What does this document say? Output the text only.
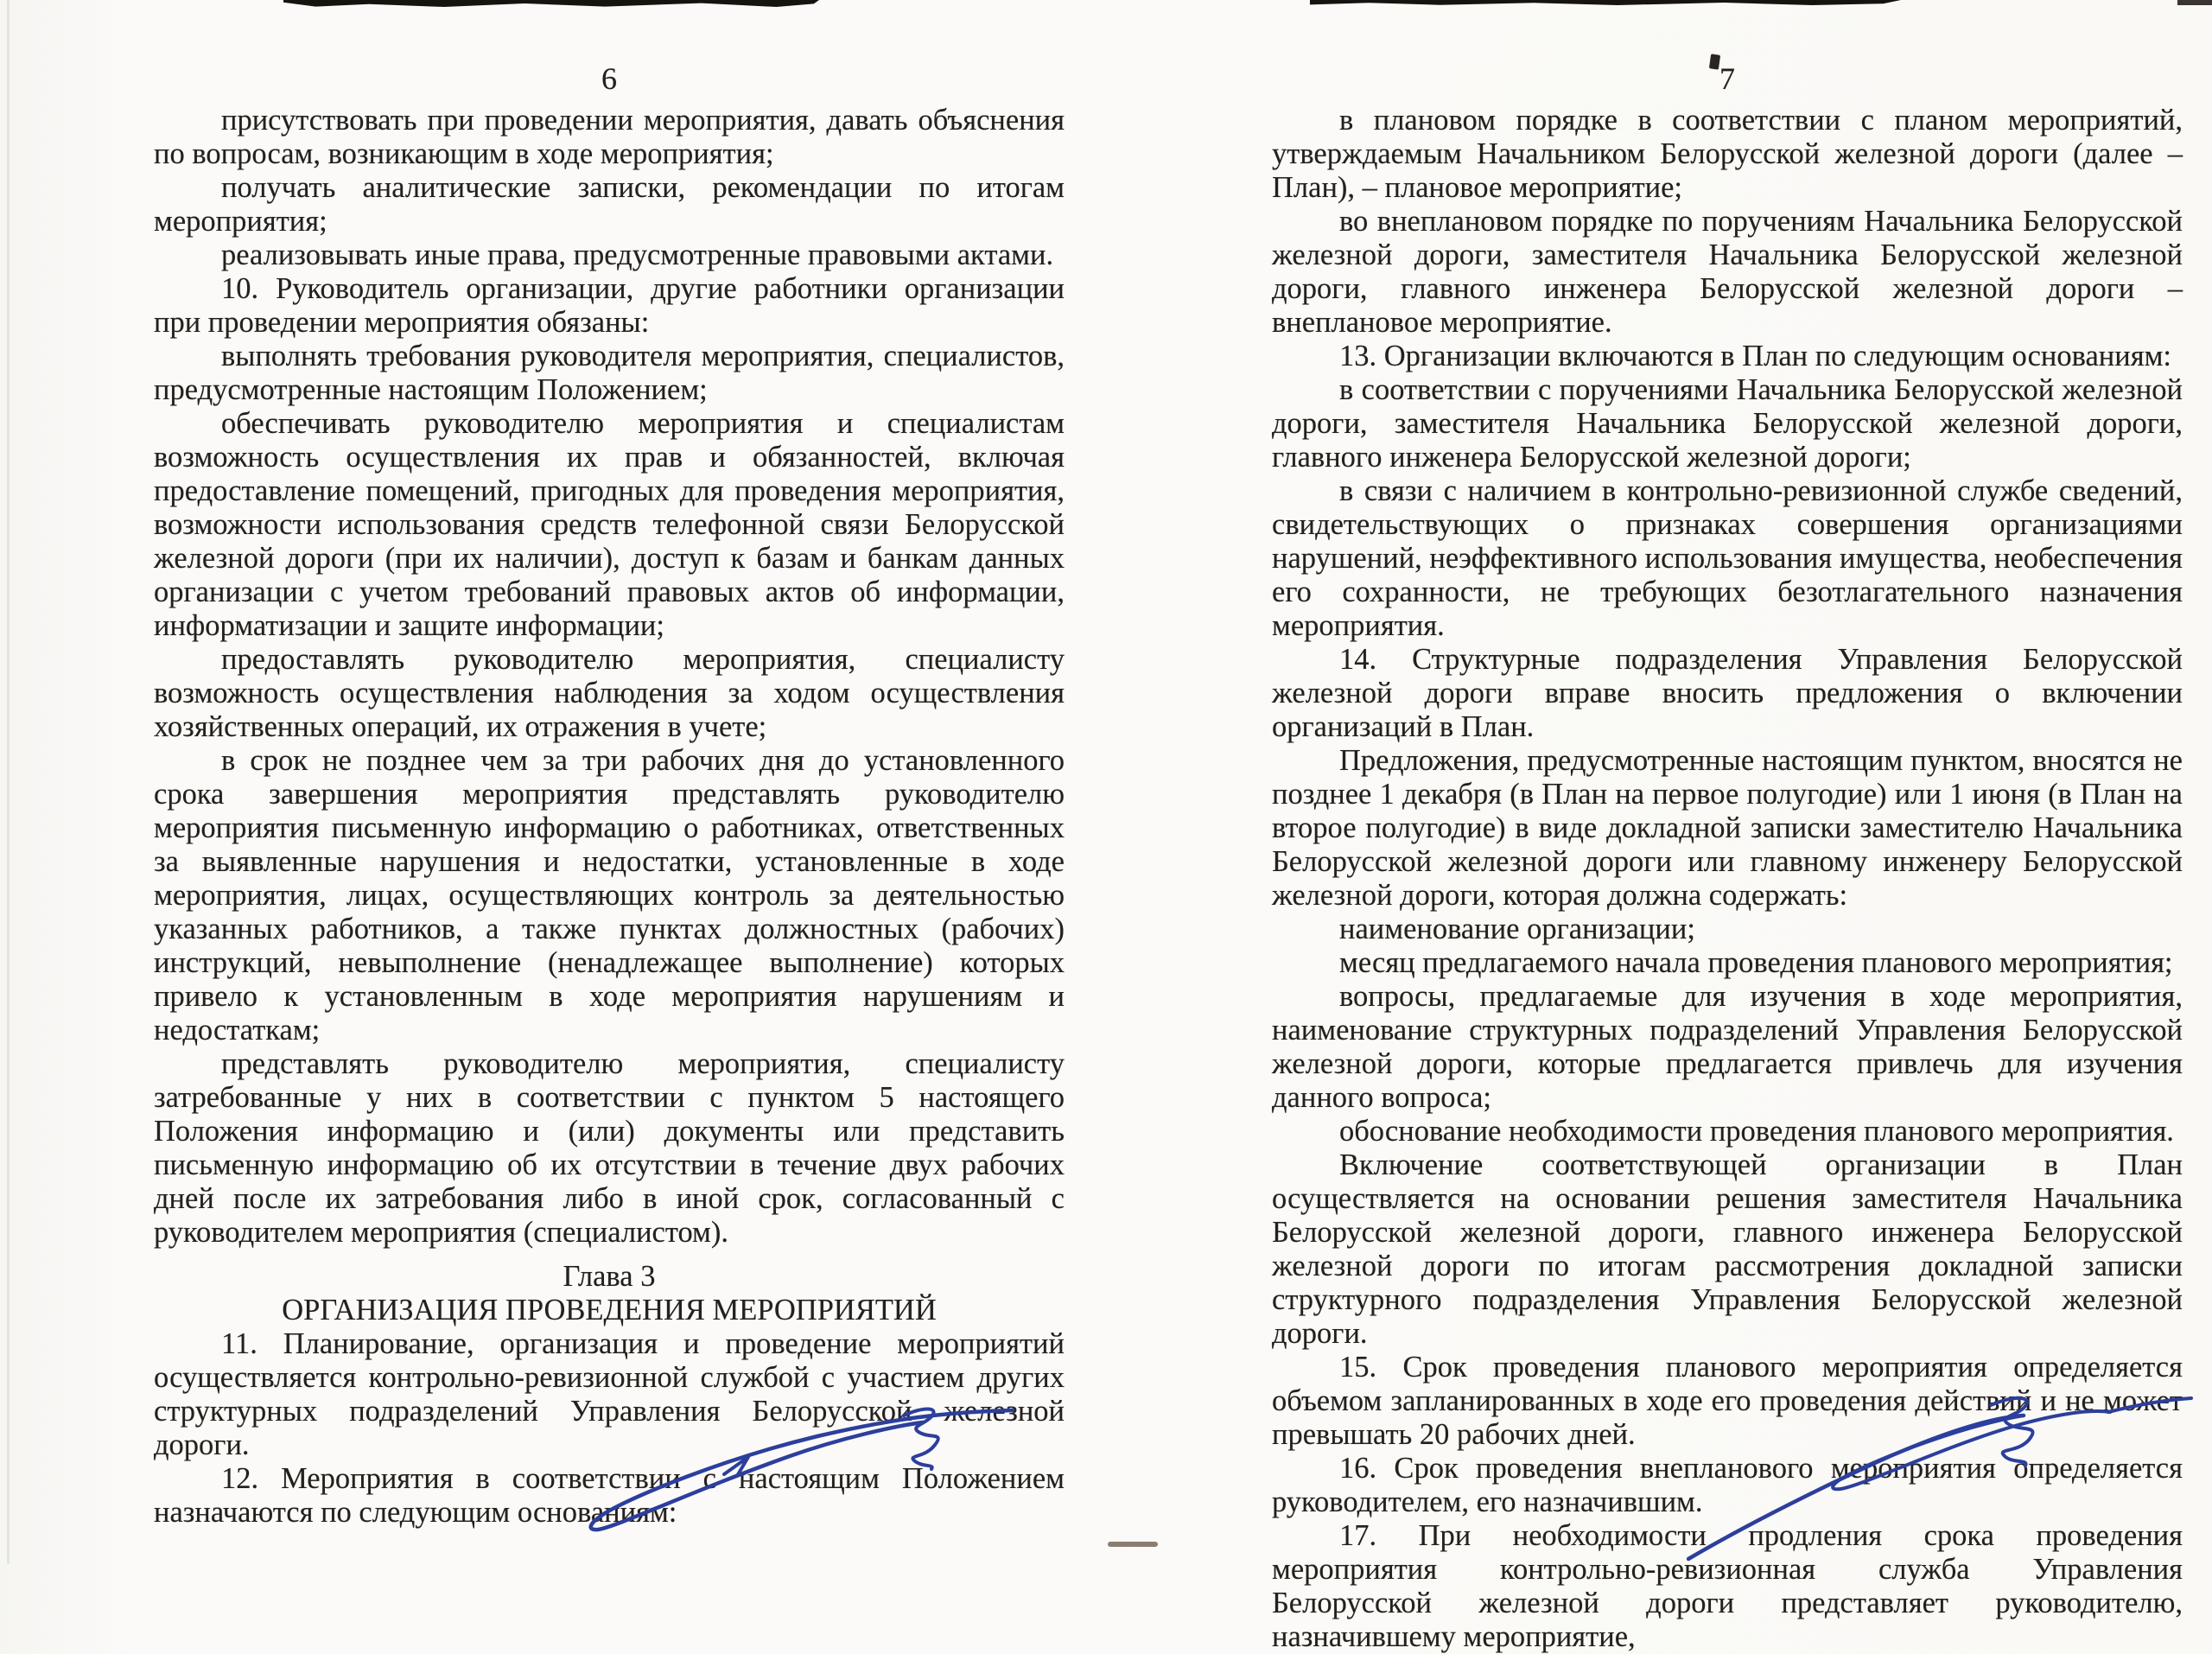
6

присутствовать при проведении мероприятия, давать объяснения по вопросам, возникающим в ходе мероприятия;

получать аналитические записки, рекомендации по итогам мероприятия;

реализовывать иные права, предусмотренные правовыми актами.

10. Руководитель организации, другие работники организации при проведении мероприятия обязаны:

выполнять требования руководителя мероприятия, специалистов, предусмотренные настоящим Положением;

обеспечивать руководителю мероприятия и специалистам возможность осуществления их прав и обязанностей, включая предоставление помещений, пригодных для проведения мероприятия, возможности использования средств телефонной связи Белорусской железной дороги (при их наличии), доступ к базам и банкам данных организации с учетом требований правовых актов об информации, информатизации и защите информации;

предоставлять руководителю мероприятия, специалисту возможность осуществления наблюдения за ходом осуществления хозяйственных операций, их отражения в учете;

в срок не позднее чем за три рабочих дня до установленного срока завершения мероприятия представлять руководителю мероприятия письменную информацию о работниках, ответственных за выявленные нарушения и недостатки, установленные в ходе мероприятия, лицах, осуществляющих контроль за деятельностью указанных работников, а также пунктах должностных (рабочих) инструкций, невыполнение (ненадлежащее выполнение) которых привело к установленным в ходе мероприятия нарушениям и недостаткам;

представлять руководителю мероприятия, специалисту затребованные у них в соответствии с пунктом 5 настоящего Положения информацию и (или) документы или представить письменную информацию об их отсутствии в течение двух рабочих дней после их затребования либо в иной срок, согласованный с руководителем мероприятия (специалистом).

Глава 3
ОРГАНИЗАЦИЯ ПРОВЕДЕНИЯ МЕРОПРИЯТИЙ

11. Планирование, организация и проведение мероприятий осуществляется контрольно-ревизионной службой с участием других структурных подразделений Управления Белорусской железной дороги.

12. Мероприятия в соответствии с настоящим Положением назначаются по следующим основаниям:

7

в плановом порядке в соответствии с планом мероприятий, утверждаемым Начальником Белорусской железной дороги (далее – План), – плановое мероприятие;

во внеплановом порядке по поручениям Начальника Белорусской железной дороги, заместителя Начальника Белорусской железной дороги, главного инженера Белорусской железной дороги – внеплановое мероприятие.

13. Организации включаются в План по следующим основаниям:

в соответствии с поручениями Начальника Белорусской железной дороги, заместителя Начальника Белорусской железной дороги, главного инженера Белорусской железной дороги;

в связи с наличием в контрольно-ревизионной службе сведений, свидетельствующих о признаках совершения организациями нарушений, неэффективного использования имущества, необеспечения его сохранности, не требующих безотлагательного назначения мероприятия.

14. Структурные подразделения Управления Белорусской железной дороги вправе вносить предложения о включении организаций в План.

Предложения, предусмотренные настоящим пунктом, вносятся не позднее 1 декабря (в План на первое полугодие) или 1 июня (в План на второе полугодие) в виде докладной записки заместителю Начальника Белорусской железной дороги или главному инженеру Белорусской железной дороги, которая должна содержать:

наименование организации;

месяц предлагаемого начала проведения планового мероприятия;

вопросы, предлагаемые для изучения в ходе мероприятия, наименование структурных подразделений Управления Белорусской железной дороги, которые предлагается привлечь для изучения данного вопроса;

обоснование необходимости проведения планового мероприятия.

Включение соответствующей организации в План осуществляется на основании решения заместителя Начальника Белорусской железной дороги, главного инженера Белорусской железной дороги по итогам рассмотрения докладной записки структурного подразделения Управления Белорусской железной дороги.

15. Срок проведения планового мероприятия определяется объемом запланированных в ходе его проведения действий и не может превышать 20 рабочих дней.

16. Срок проведения внепланового мероприятия определяется руководителем, его назначившим.

17. При необходимости продления срока проведения мероприятия контрольно-ревизионная служба Управления Белорусской железной дороги представляет руководителю, назначившему мероприятие,
